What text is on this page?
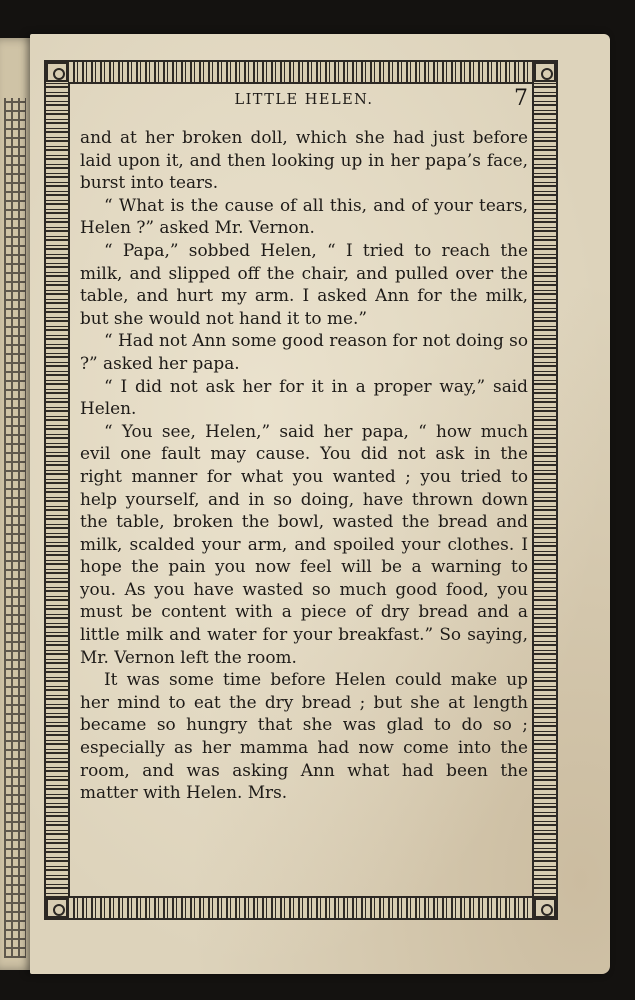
LITTLE HELEN.	7

and at her broken doll, which she had just before laid upon it, and then looking up in her papa’s face, burst into tears.

“ What is the cause of all this, and of your tears, Helen ?” asked Mr. Vernon.

“ Papa,” sobbed Helen, “ I tried to reach the milk, and slipped off the chair, and pulled over the table, and hurt my arm. I asked Ann for the milk, but she would not hand it to me.”

“ Had not Ann some good reason for not doing so ?” asked her papa.

“ I did not ask her for it in a proper way,” said Helen.

“ You see, Helen,” said her papa, “ how much evil one fault may cause. You did not ask in the right manner for what you wanted ; you tried to help yourself, and in so doing, have thrown down the table, broken the bowl, wasted the bread and milk, scalded your arm, and spoiled your clothes. I hope the pain you now feel will be a warning to you. As you have wasted so much good food, you must be content with a piece of dry bread and a little milk and water for your breakfast.” So saying, Mr. Vernon left the room.

It was some time before Helen could make up her mind to eat the dry bread ; but she at length became so hungry that she was glad to do so ; especially as her mamma had now come into the room, and was asking Ann what had been the matter with Helen. Mrs.
